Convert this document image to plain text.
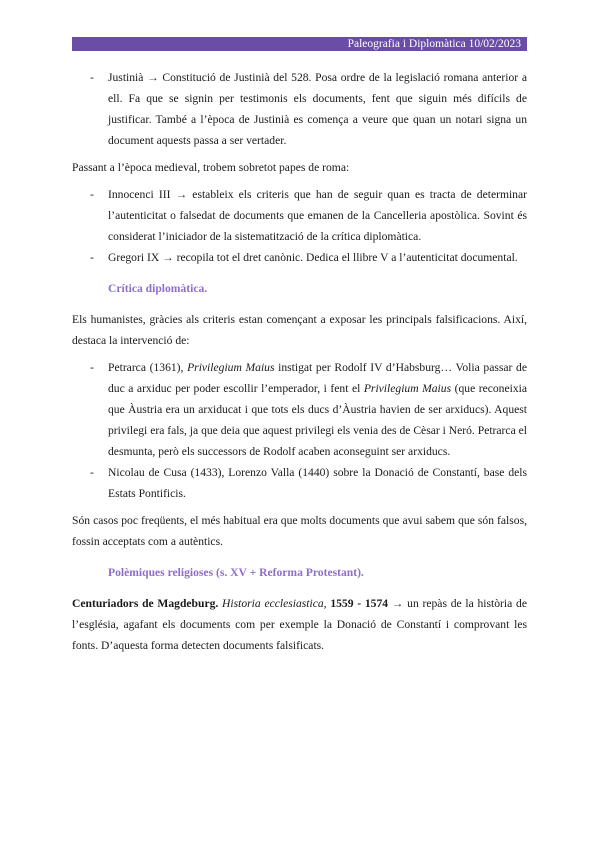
Paleografia i Diplomàtica 10/02/2023
- Justinià → Constitució de Justinià del 528. Posa ordre de la legislació romana anterior a ell. Fa que se signin per testimonis els documents, fent que siguin més difícils de justificar. També a l’època de Justinià es comença a veure que quan un notari signa un document aquests passa a ser vertader.

Passant a l’època medieval, trobem sobretot papes de roma:

- Innocenci III → estableix els criteris que han de seguir quan es tracta de determinar l’autenticitat o falsedat de documents que emanen de la Cancelleria apostòlica. Sovint és considerat l’iniciador de la sistematització de la crítica diplomàtica.
- Gregori IX → recopila tot el dret canònic. Dedica el llibre V a l’autenticitat documental.

Crítica diplomàtica.

Els humanistes, gràcies als criteris estan començant a exposar les principals falsificacions. Així, destaca la intervenció de:

- Petrarca (1361), Privilegium Maius instigat per Rodolf IV d’Habsburg… Volia passar de duc a arxiduc per poder escollir l’emperador, i fent el Privilegium Maius (que reconeixia que Àustria era un arxiducat i que tots els ducs d’Àustria havien de ser arxiducs). Aquest privilegi era fals, ja que deia que aquest privilegi els venia des de Cèsar i Neró. Petrarca el desmunta, però els successors de Rodolf acaben aconseguint ser arxiducs.
- Nicolau de Cusa (1433), Lorenzo Valla (1440) sobre la Donació de Constantí, base dels Estats Pontificis.

Són casos poc freqüents, el més habitual era que molts documents que avui sabem que són falsos, fossin acceptats com a autèntics.

Polèmiques religioses (s. XV + Reforma Protestant).

Centuriadors de Magdeburg. Historia ecclesiastica, 1559 - 1574 → un repàs de la història de l’església, agafant els documents com per exemple la Donació de Constantí i comprovant les fonts. D’aquesta forma detecten documents falsificats.
